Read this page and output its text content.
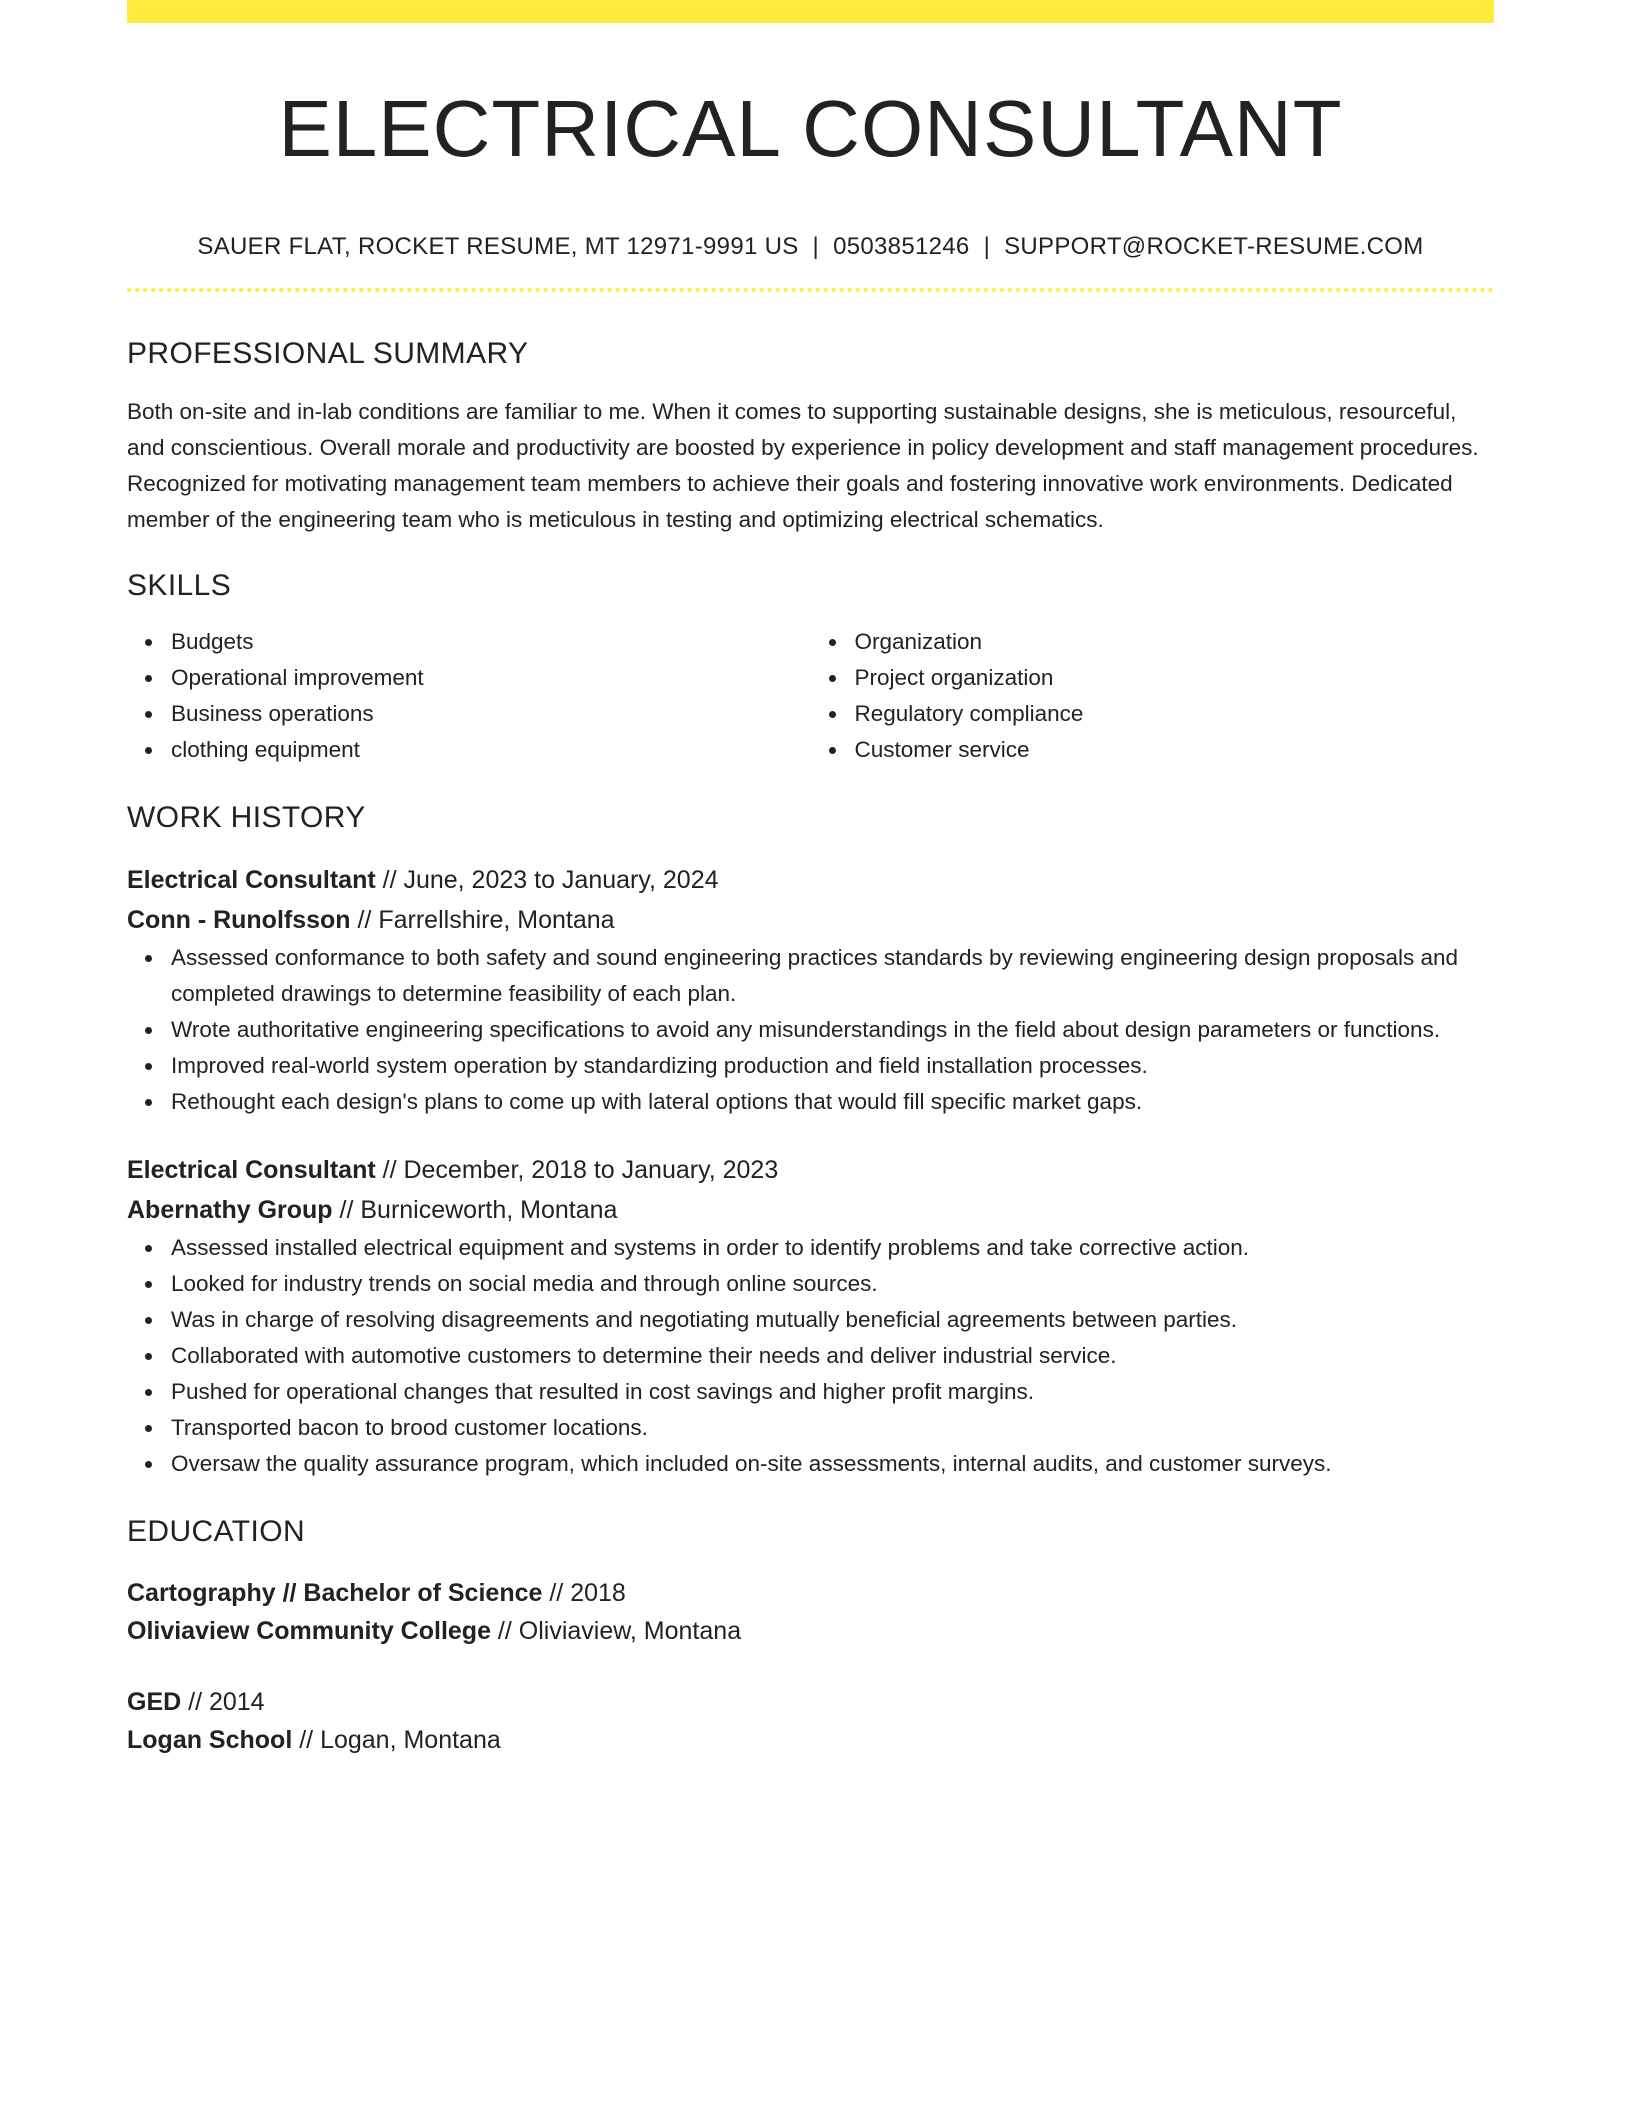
ELECTRICAL CONSULTANT
SAUER FLAT, ROCKET RESUME, MT 12971-9991 US | 0503851246 | SUPPORT@ROCKET-RESUME.COM
PROFESSIONAL SUMMARY
Both on-site and in-lab conditions are familiar to me. When it comes to supporting sustainable designs, she is meticulous, resourceful, and conscientious. Overall morale and productivity are boosted by experience in policy development and staff management procedures. Recognized for motivating management team members to achieve their goals and fostering innovative work environments. Dedicated member of the engineering team who is meticulous in testing and optimizing electrical schematics.
SKILLS
Budgets
Operational improvement
Business operations
clothing equipment
Organization
Project organization
Regulatory compliance
Customer service
WORK HISTORY
Electrical Consultant // June, 2023 to January, 2024
Conn - Runolfsson // Farrellshire, Montana
Assessed conformance to both safety and sound engineering practices standards by reviewing engineering design proposals and completed drawings to determine feasibility of each plan.
Wrote authoritative engineering specifications to avoid any misunderstandings in the field about design parameters or functions.
Improved real-world system operation by standardizing production and field installation processes.
Rethought each design's plans to come up with lateral options that would fill specific market gaps.
Electrical Consultant // December, 2018 to January, 2023
Abernathy Group // Burniceworth, Montana
Assessed installed electrical equipment and systems in order to identify problems and take corrective action.
Looked for industry trends on social media and through online sources.
Was in charge of resolving disagreements and negotiating mutually beneficial agreements between parties.
Collaborated with automotive customers to determine their needs and deliver industrial service.
Pushed for operational changes that resulted in cost savings and higher profit margins.
Transported bacon to brood customer locations.
Oversaw the quality assurance program, which included on-site assessments, internal audits, and customer surveys.
EDUCATION
Cartography // Bachelor of Science // 2018
Oliviaview Community College // Oliviaview, Montana
GED // 2014
Logan School // Logan, Montana
